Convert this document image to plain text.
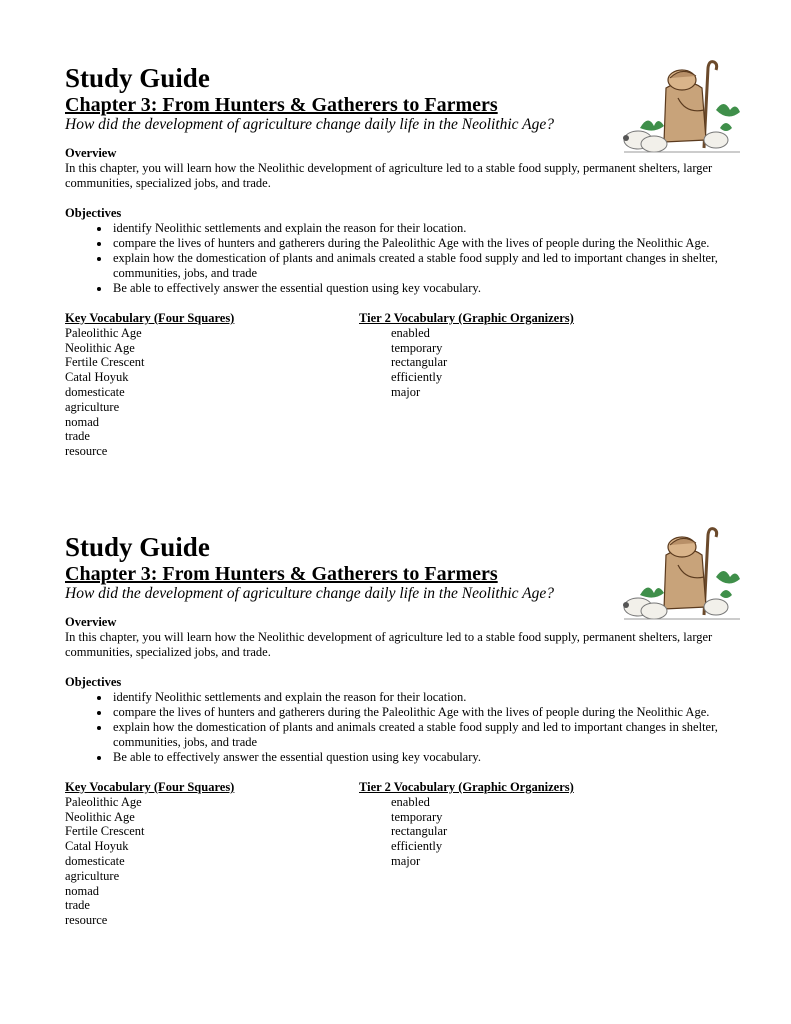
Study Guide
Chapter 3: From Hunters & Gatherers to Farmers

How did the development of agriculture change daily life in the Neolithic Age?

Overview

In this chapter, you will learn how the Neolithic development of agriculture led to a stable food supply, permanent shelters, larger communities, specialized jobs, and trade.

Objectives

• identify Neolithic settlements and explain the reason for their location.
• compare the lives of hunters and gatherers during the Paleolithic Age with the lives of people during the Neolithic Age.
• explain how the domestication of plants and animals created a stable food supply and led to important changes in shelter, communities, jobs, and trade
• Be able to effectively answer the essential question using key vocabulary.
Key Vocabulary (Four Squares)
Paleolithic Age
Neolithic Age
Fertile Crescent
Catal Hoyuk
domesticate
agriculture
nomad
trade
resource
Tier 2 Vocabulary (Graphic Organizers)
enabled
temporary
rectangular
efficiently
major
Study Guide
Chapter 3: From Hunters & Gatherers to Farmers

How did the development of agriculture change daily life in the Neolithic Age?

Overview

In this chapter, you will learn how the Neolithic development of agriculture led to a stable food supply, permanent shelters, larger communities, specialized jobs, and trade.

Objectives

• identify Neolithic settlements and explain the reason for their location.
• compare the lives of hunters and gatherers during the Paleolithic Age with the lives of people during the Neolithic Age.
• explain how the domestication of plants and animals created a stable food supply and led to important changes in shelter, communities, jobs, and trade
• Be able to effectively answer the essential question using key vocabulary.
Key Vocabulary (Four Squares)
Paleolithic Age
Neolithic Age
Fertile Crescent
Catal Hoyuk
domesticate
agriculture
nomad
trade
resource
Tier 2 Vocabulary (Graphic Organizers)
enabled
temporary
rectangular
efficiently
major
